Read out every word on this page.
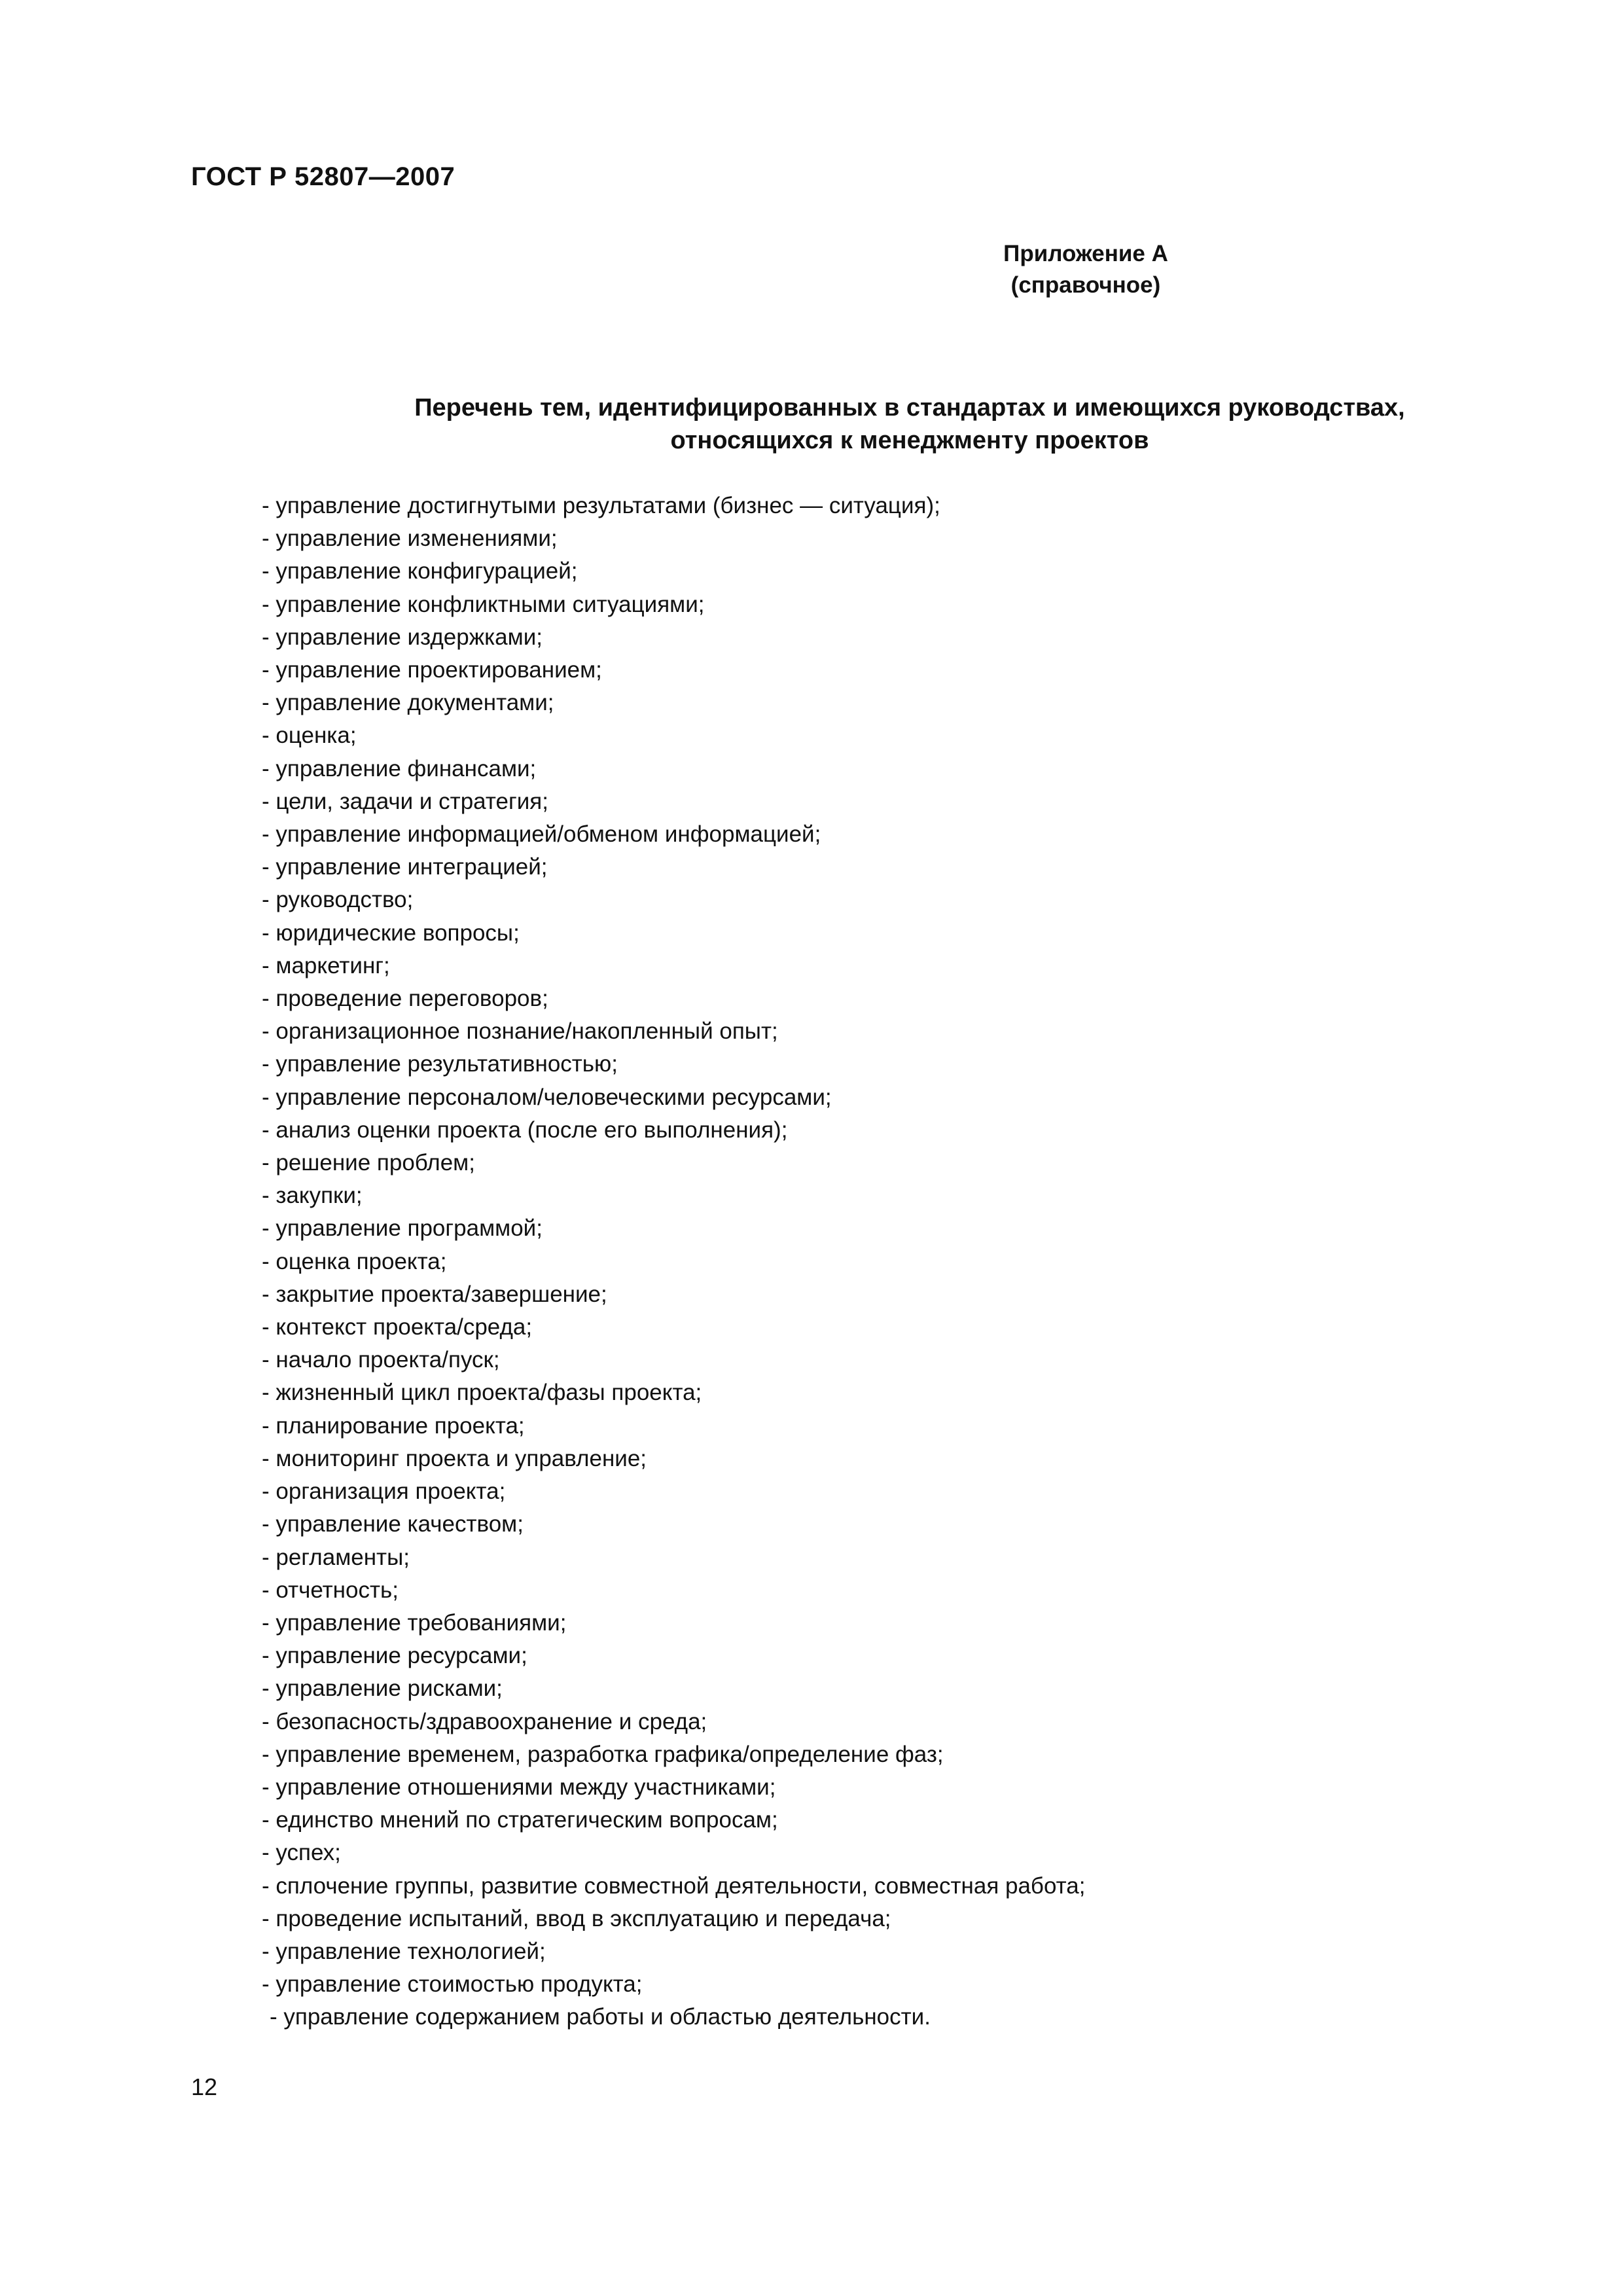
ГОСТ Р 52807—2007
Приложение А
(справочное)
Перечень тем, идентифицированных в стандартах и имеющихся руководствах,
относящихся к менеджменту проектов
- управление достигнутыми результатами (бизнес — ситуация);
- управление изменениями;
- управление конфигурацией;
- управление конфликтными ситуациями;
- управление издержками;
- управление проектированием;
- управление документами;
- оценка;
- управление финансами;
- цели, задачи и стратегия;
- управление информацией/обменом информацией;
- управление интеграцией;
- руководство;
- юридические вопросы;
- маркетинг;
- проведение переговоров;
- организационное познание/накопленный опыт;
- управление результативностью;
- управление персоналом/человеческими ресурсами;
- анализ оценки проекта (после его выполнения);
- решение проблем;
- закупки;
- управление программой;
- оценка проекта;
- закрытие проекта/завершение;
- контекст проекта/среда;
- начало проекта/пуск;
- жизненный цикл проекта/фазы проекта;
- планирование проекта;
- мониторинг проекта и управление;
- организация проекта;
- управление качеством;
- регламенты;
- отчетность;
- управление требованиями;
- управление ресурсами;
- управление рисками;
- безопасность/здравоохранение и среда;
- управление временем, разработка графика/определение фаз;
- управление отношениями между участниками;
- единство мнений по стратегическим вопросам;
- успех;
- сплочение группы, развитие совместной деятельности, совместная работа;
- проведение испытаний, ввод в эксплуатацию и передача;
- управление технологией;
- управление стоимостью продукта;
- управление содержанием работы и областью деятельности.
12
